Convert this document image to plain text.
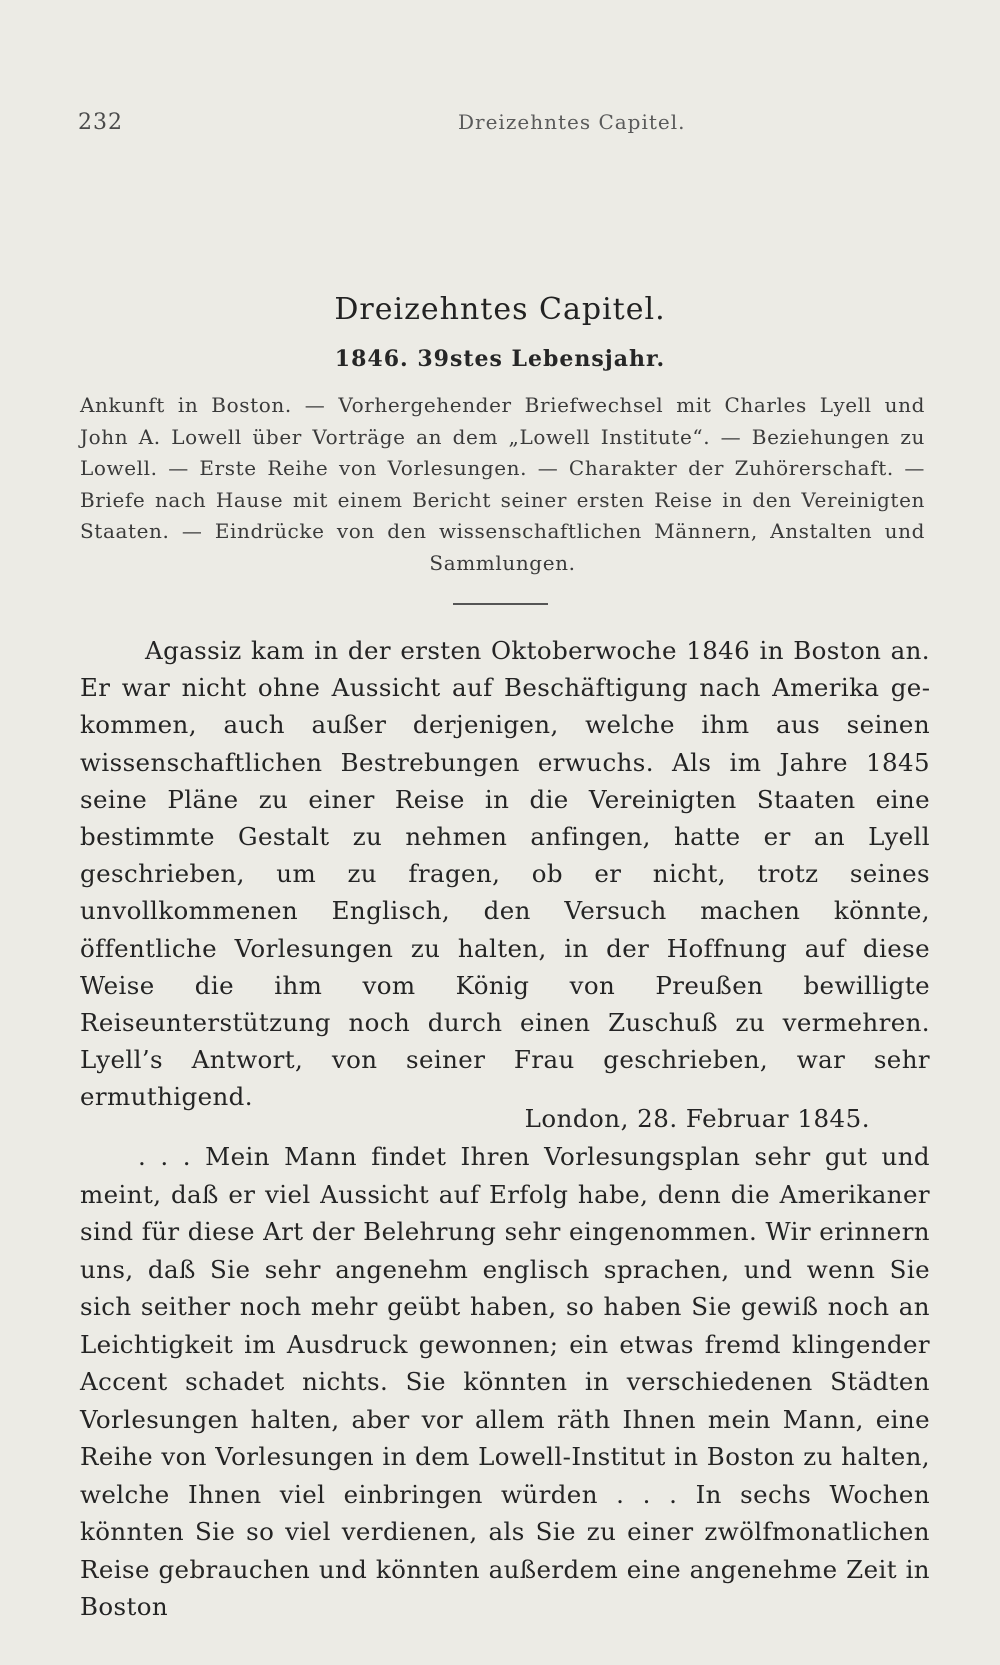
232	Dreizehntes Capitel.
Dreizehntes Capitel.
1846. 39stes Lebensjahr.
Ankunft in Boston. — Vorhergehender Briefwechsel mit Charles Lyell und John A. Lowell über Vorträge an dem „Lowell Institute“. — Beziehungen zu Lowell. — Erste Reihe von Vorlesungen. — Charakter der Zuhörerschaft. — Briefe nach Hause mit einem Bericht seiner ersten Reise in den Vereinigten Staaten. — Eindrücke von den wissenschaftlichen Männern, Anstalten und Sammlungen.
Agassiz kam in der ersten Oktoberwoche 1846 in Boston an. Er war nicht ohne Aussicht auf Beschäftigung nach Amerika gekommen, auch außer derjenigen, welche ihm aus seinen wissenschaftlichen Bestrebungen erwuchs. Als im Jahre 1845 seine Pläne zu einer Reise in die Vereinigten Staaten eine bestimmte Gestalt zu nehmen anfingen, hatte er an Lyell geschrieben, um zu fragen, ob er nicht, trotz seines unvollkommenen Englisch, den Versuch machen könnte, öffentliche Vorlesungen zu halten, in der Hoffnung auf diese Weise die ihm vom König von Preußen bewilligte Reiseunterstützung noch durch einen Zuschuß zu vermehren. Lyell’s Antwort, von seiner Frau geschrieben, war sehr ermuthigend.
London, 28. Februar 1845.
. . . Mein Mann findet Ihren Vorlesungsplan sehr gut und meint, daß er viel Aussicht auf Erfolg habe, denn die Amerikaner sind für diese Art der Belehrung sehr eingenommen. Wir erinnern uns, daß Sie sehr angenehm englisch sprachen, und wenn Sie sich seither noch mehr geübt haben, so haben Sie gewiß noch an Leichtigkeit im Ausdruck gewonnen; ein etwas fremd klingender Accent schadet nichts. Sie könnten in verschiedenen Städten Vorlesungen halten, aber vor allem räth Ihnen mein Mann, eine Reihe von Vorlesungen in dem Lowell-Institut in Boston zu halten, welche Ihnen viel einbringen würden . . . In sechs Wochen könnten Sie so viel verdienen, als Sie zu einer zwölfmonatlichen Reise gebrauchen und könnten außerdem eine angenehme Zeit in Boston
